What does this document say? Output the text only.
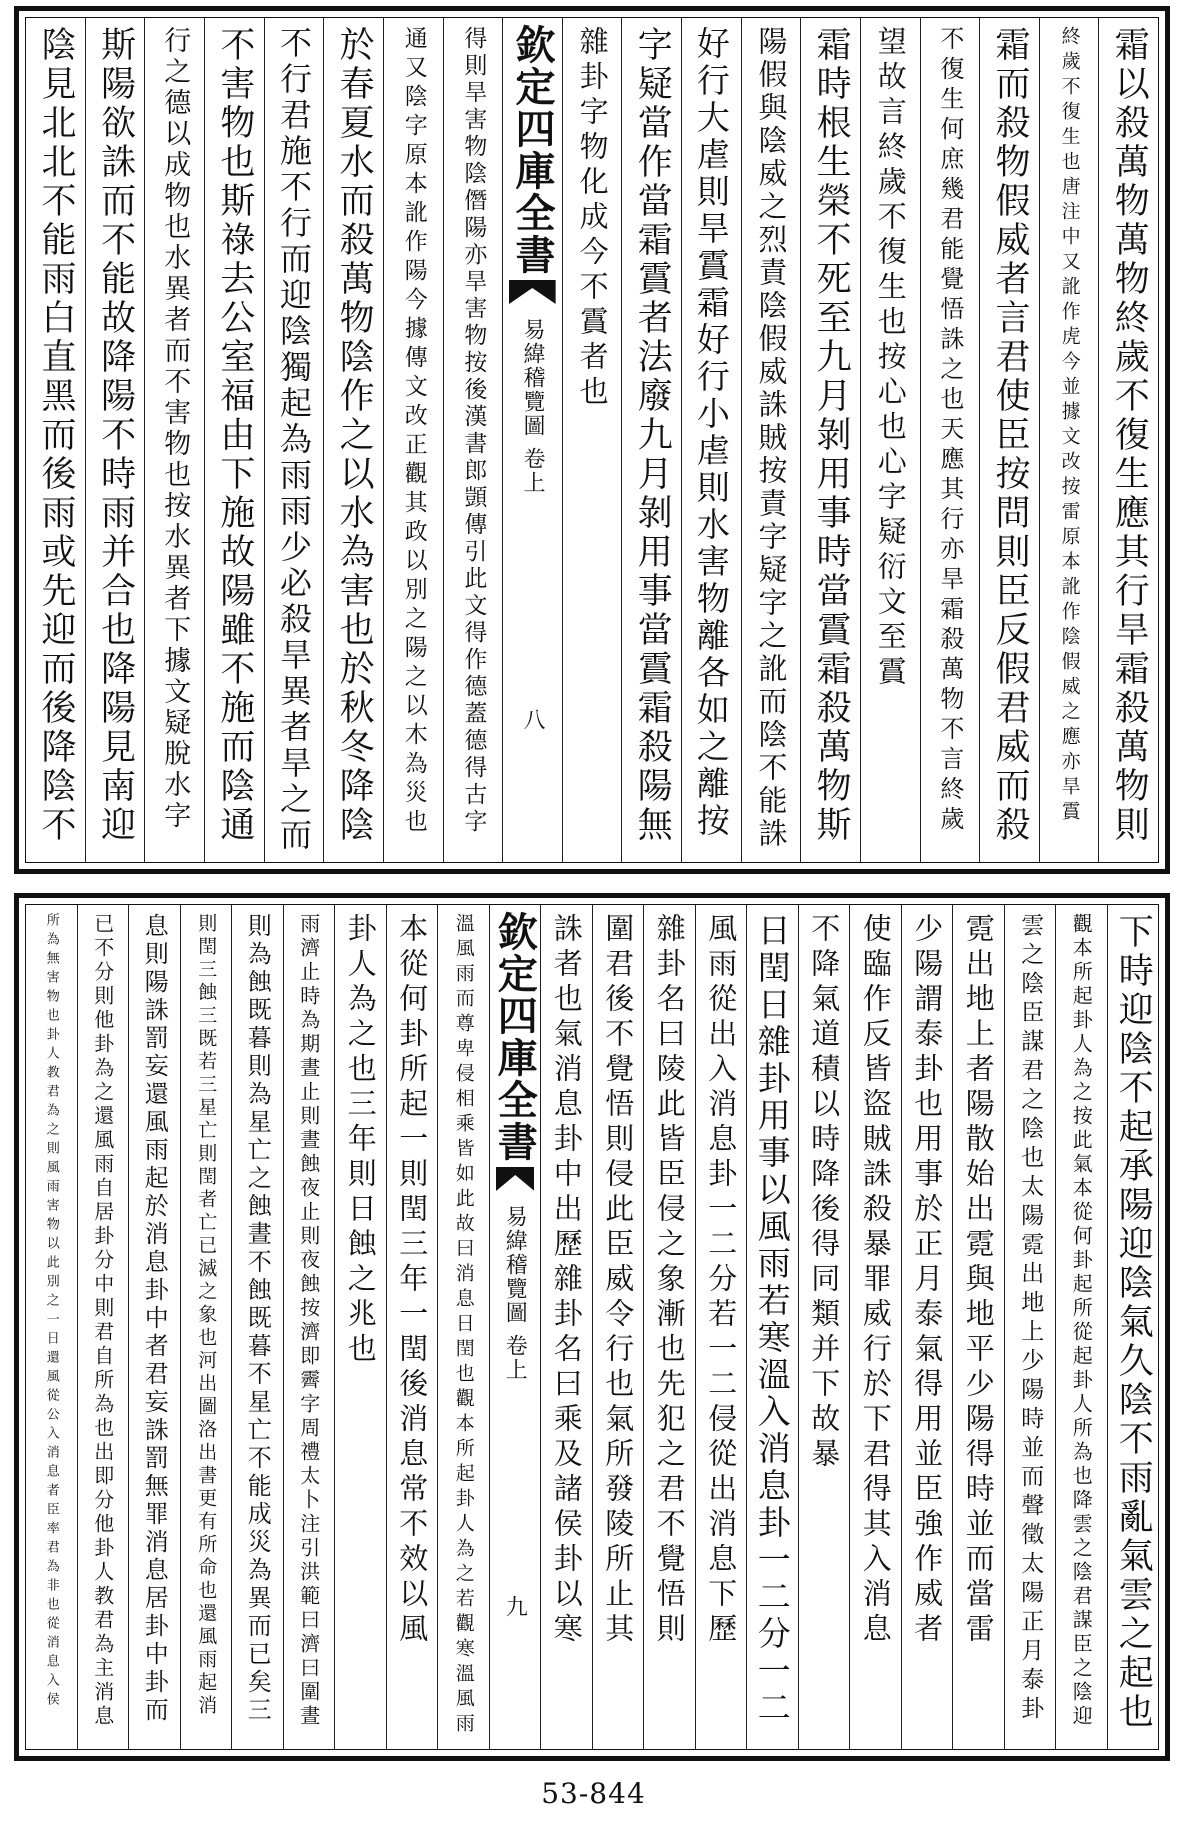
霜以殺萬物萬物終歲不復生應其行旱霜殺萬物則
終歲不復生也唐注中又訛作虎今並據文改按雷原本訛作陰假威之應亦旱霣
霜而殺物假威者言君使臣按問則臣反假君威而殺
不復生何庶幾君能覺悟誅之也天應其行亦旱霜殺萬物不言終歲
望故言終歲不復生也按心也心字疑衍文至霣
霜時根生榮不死至九月剝用事時當霣霜殺萬物斯
陽假與陰威之烈責陰假威誅賊按責字疑字之訛而陰不能誅
好行大虐則旱霣霜好行小虐則水害物離各如之離按
字疑當作當霜霣者法廢九月剝用事當霣霜殺陽無
雜卦字物化成今不霣者也
欽定四庫全書
易緯稽覽圖 卷上
八
得則旱害物陰僭陽亦旱害物按後漢書郎顗傳引此文得作德蓋德得古字
通又陰字原本訛作陽今據傳文改正觀其政以別之陽之以木為災也
於春夏水而殺萬物陰作之以水為害也於秋冬降陰
不行君施不行而迎陰獨起為雨雨少必殺旱異者旱之而
不害物也斯祿去公室福由下施故陽雖不施而陰通
行之德以成物也水異者而不害物也按水異者下據文疑脫水字
斯陽欲誅而不能故降陽不時雨并合也降陽見南迎
陰見北北不能雨白直黑而後雨或先迎而後降陰不
下時迎陰不起承陽迎陰氣久陰不雨亂氣雲之起也
觀本所起卦人為之按此氣本從何卦起所從起卦人所為也降雲之陰君謀臣之陰迎
雲之陰臣謀君之陰也太陽霓出地上少陽時並而聲徵太陽正月泰卦
霓出地上者陽散始出霓與地平少陽得時並而當雷
少陽謂泰卦也用事於正月泰氣得用並臣強作威者
使臨作反皆盜賊誅殺暴罪威行於下君得其入消息
不降氣道積以時降後得同類并下故暴
日閏日雜卦用事以風雨若寒溫入消息卦一二分一二
風雨從出入消息卦一二分若一二侵從出消息下歷
雜卦名曰陵此皆臣侵之象漸也先犯之君不覺悟則
圍君後不覺悟則侵此臣威令行也氣所發陵所止其
誅者也氣消息卦中出歷雜卦名曰乘及諸侯卦以寒
欽定四庫全書
易緯稽覽圖 卷上
九
溫風雨而尊卑侵相乘皆如此故曰消息日閏也觀本所起卦人為之若觀寒溫風雨
本從何卦所起一則閏三年一閏後消息常不效以風
卦人為之也三年則日蝕之兆也
雨濟止時為期晝止則晝蝕夜止則夜蝕按濟即霽字周禮太卜注引洪範曰濟曰圍晝
則為蝕既暮則為星亡之蝕晝不蝕既暮不星亡不能成災為異而已矣三
則閏三蝕三既若三星亡則閏者亡已滅之象也河出圖洛出書更有所命也還風雨起消
息則陽誅罰妄還風雨起於消息卦中者君妄誅罰無罪消息居卦中卦而
已不分則他卦為之還風雨自居卦分中則君自所為也出即分他卦人教君為主消息
所為無害物也卦人教君為之則風雨害物以此別之一日還風從公入消息者臣率君為非也從消息入侯
53-844
